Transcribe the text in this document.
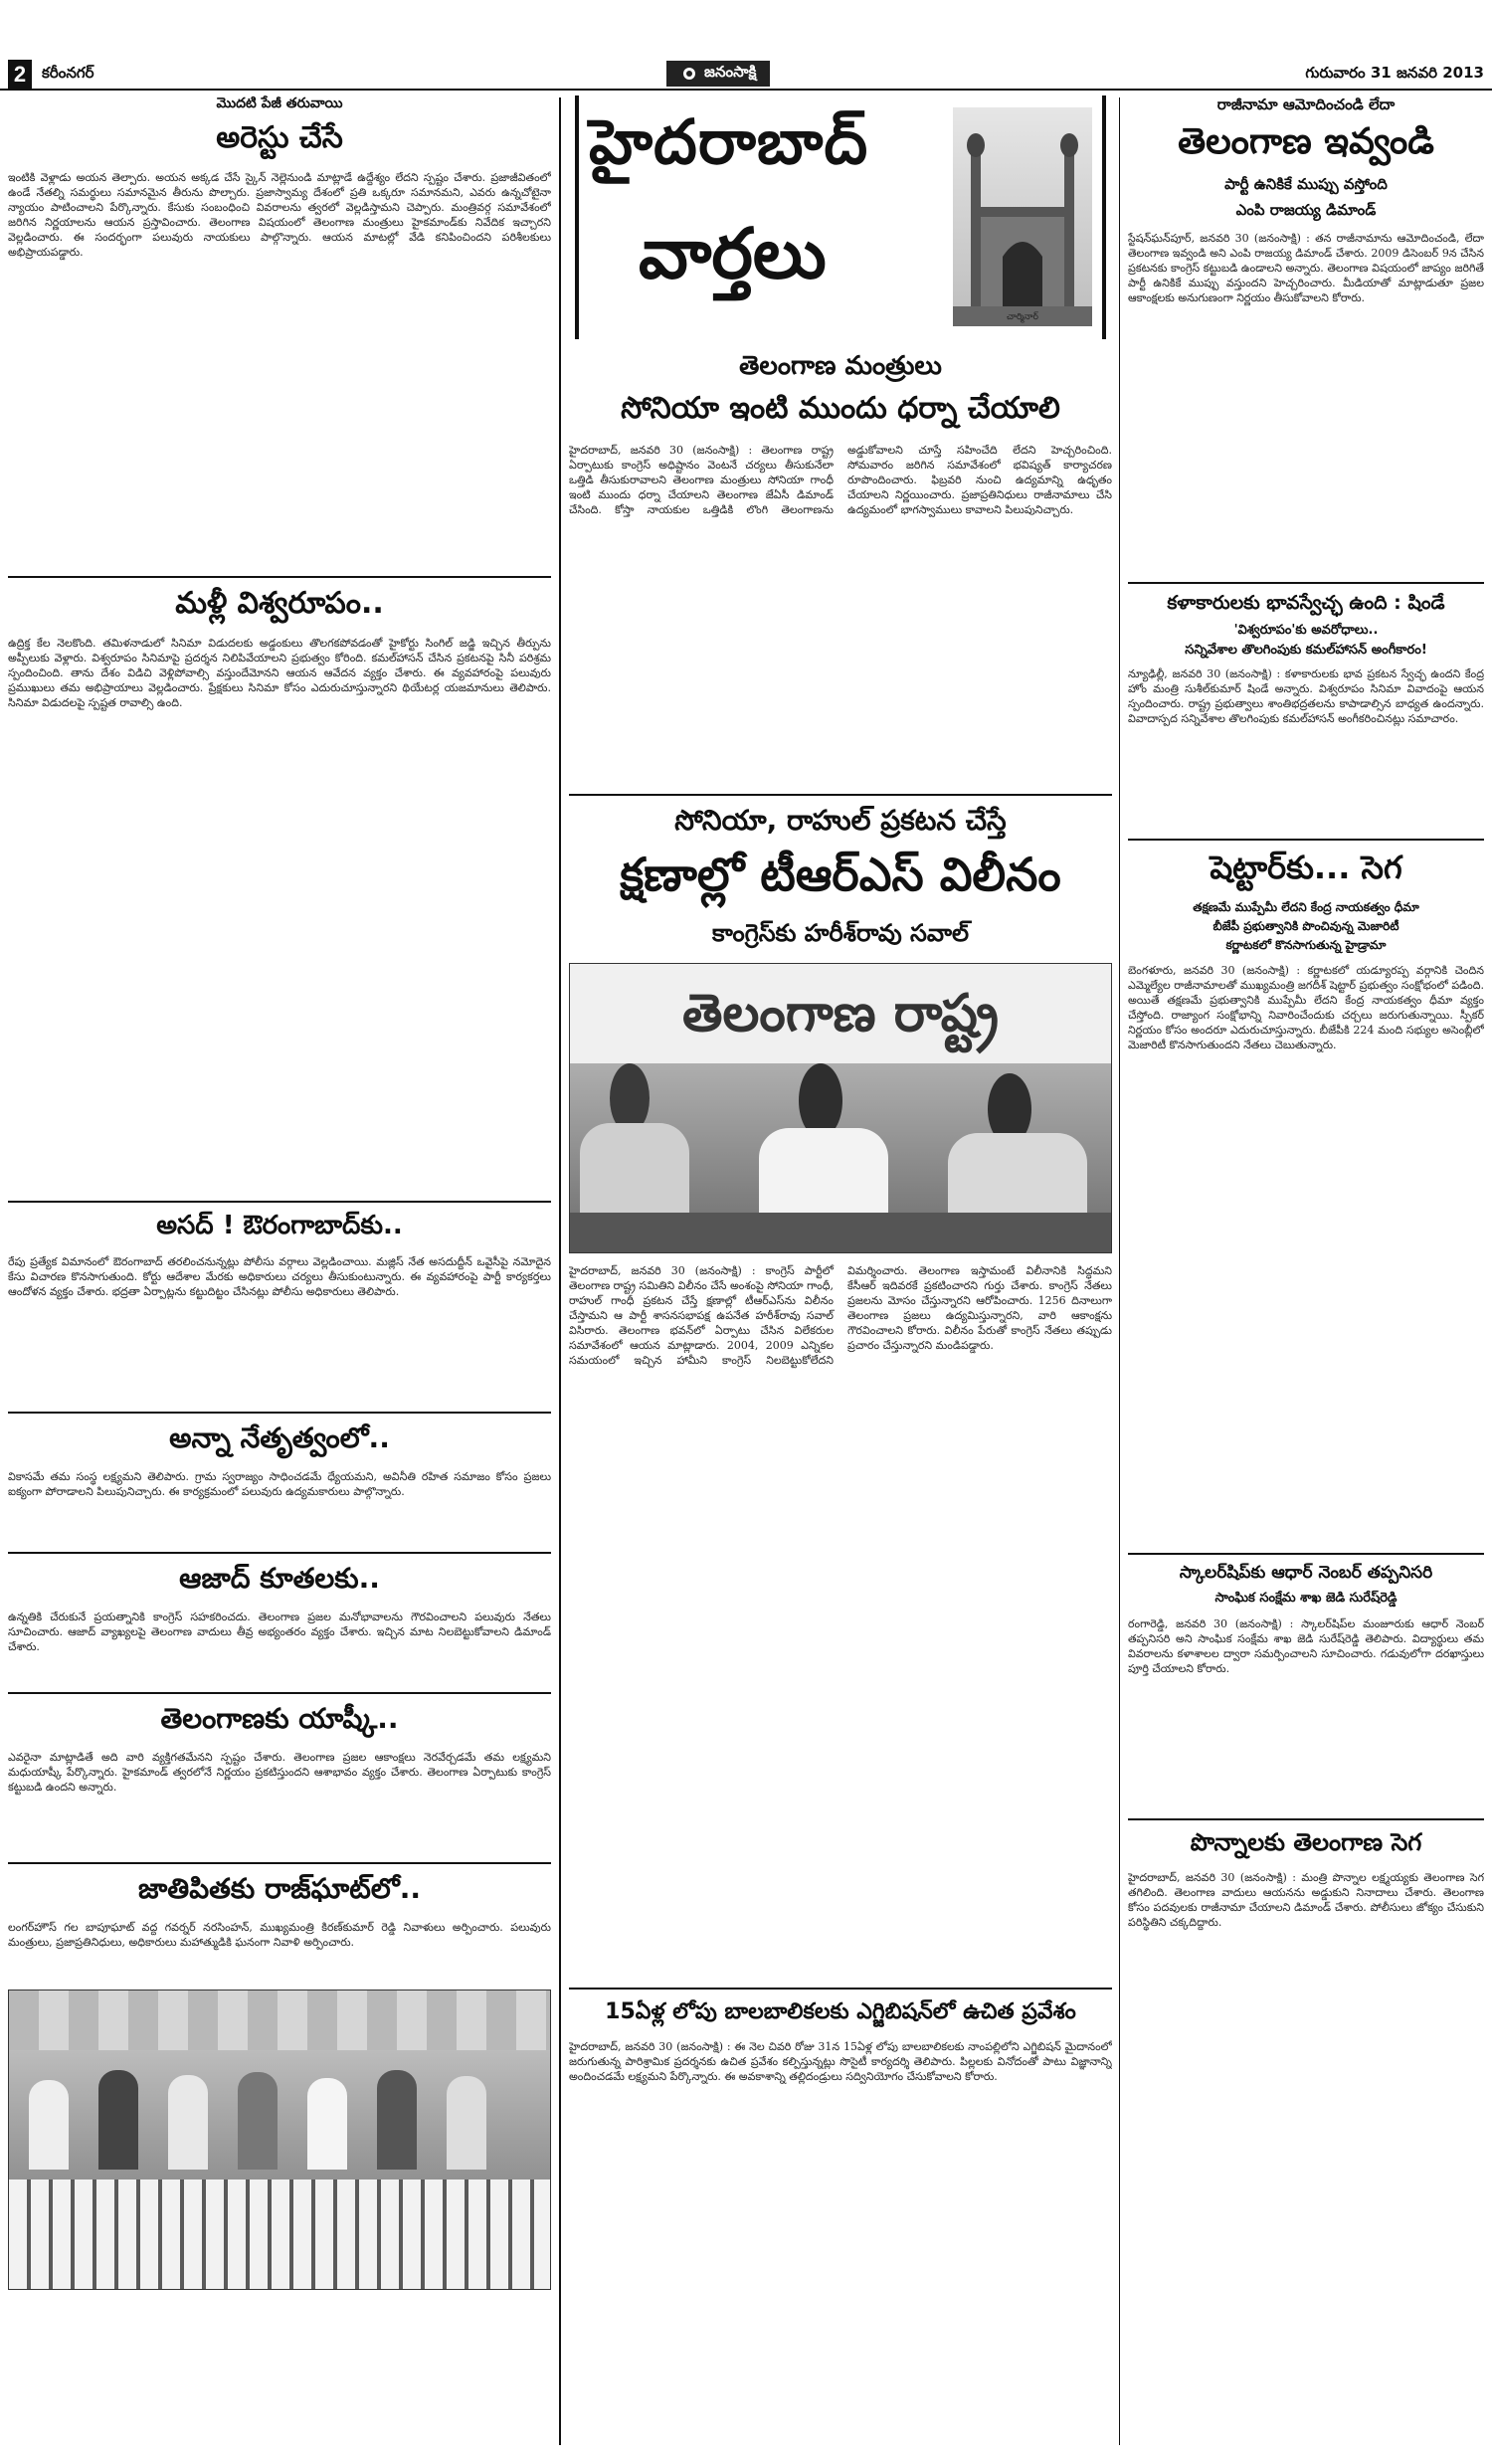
2	కరీంనగర్	జనంసాక్షి	గురువారం 31 జనవరి 2013
మొదటి పేజీ తరువాయి
అరెస్టు చేసే

ఇంటికి వెళ్లాడు అయన తెల్పారు. అయన అక్కడ చేసే స్కైన్ నెల్లెనుండి మాట్లాడే ఉద్దేశ్యం లేదని స్పష్టం చేశారు. ప్రజాజీవితంలో ఉండే నేతల్ని సమర్థులు సమానమైన తీరును పొల్చారు. ప్రజాస్వామ్య దేశంలో ప్రతి ఒక్కరూ సమానమని, ఎవరు ఉన్నచోటైనా న్యాయం పాటించాలని పేర్కొన్నారు. కేసుకు సంబంధించి వివరాలను త్వరలో వెల్లడిస్తామని చెప్పారు. మంత్రివర్గ సమావేశంలో జరిగిన నిర్ణయాలను ఆయన ప్రస్తావించారు. తెలంగాణ విషయంలో తెలంగాణ మంత్రులు హైకమాండ్‌కు నివేదిక ఇచ్చారని వెల్లడించారు. ఈ సందర్భంగా పలువురు నాయకులు పాల్గొన్నారు. ఆయన మాటల్లో వేడి కనిపించిందని పరిశీలకులు అభిప్రాయపడ్డారు.

మళ్లీ విశ్వరూపం..

ఉద్రిక్త కేల నెలకొంది. తమిళనాడులో సినిమా విడుదలకు అడ్డంకులు తొలగకపోవడంతో హైకోర్టు సింగిల్ జడ్జి ఇచ్చిన తీర్పును అప్పీలుకు వెళ్లారు. విశ్వరూపం సినిమాపై ప్రదర్శన నిలిపివేయాలని ప్రభుత్వం కోరింది. కమల్‌హాసన్ చేసిన ప్రకటనపై సినీ పరిశ్రమ స్పందించింది. తాను దేశం విడిచి వెళ్లిపోవాల్సి వస్తుందేమోనని ఆయన ఆవేదన వ్యక్తం చేశారు. ఈ వ్యవహారంపై పలువురు ప్రముఖులు తమ అభిప్రాయాలు వెల్లడించారు. ప్రేక్షకులు సినిమా కోసం ఎదురుచూస్తున్నారని థియేటర్ల యజమానులు తెలిపారు. సినిమా విడుదలపై స్పష్టత రావాల్సి ఉంది.

అసద్ ! ఔరంగాబాద్‌కు..

రేపు ప్రత్యేక విమానంలో ఔరంగాబాద్ తరలించనున్నట్లు పోలీసు వర్గాలు వెల్లడించాయి. మజ్లిస్ నేత అసదుద్దీన్ ఒవైసీపై నమోదైన కేసు విచారణ కొనసాగుతుంది. కోర్టు ఆదేశాల మేరకు అధికారులు చర్యలు తీసుకుంటున్నారు. ఈ వ్యవహారంపై పార్టీ కార్యకర్తలు ఆందోళన వ్యక్తం చేశారు. భద్రతా ఏర్పాట్లను కట్టుదిట్టం చేసినట్లు పోలీసు అధికారులు తెలిపారు.

అన్నా నేతృత్వంలో..

వికాసమే తమ సంస్థ లక్ష్యమని తెలిపారు. గ్రామ స్వరాజ్యం సాధించడమే ధ్యేయమని, అవినీతి రహిత సమాజం కోసం ప్రజలు ఐక్యంగా పోరాడాలని పిలుపునిచ్చారు. ఈ కార్యక్రమంలో పలువురు ఉద్యమకారులు పాల్గొన్నారు.

ఆజాద్ కూతలకు..

ఉన్నతికి చేరుకునే ప్రయత్నానికి కాంగ్రెస్ సహకరించదు. తెలంగాణ ప్రజల మనోభావాలను గౌరవించాలని పలువురు నేతలు సూచించారు. ఆజాద్ వ్యాఖ్యలపై తెలంగాణ వాదులు తీవ్ర అభ్యంతరం వ్యక్తం చేశారు. ఇచ్చిన మాట నిలబెట్టుకోవాలని డిమాండ్ చేశారు.

తెలంగాణకు యాష్కీ..

ఎవరైనా మాట్లాడితే అది వారి వ్యక్తిగతమేనని స్పష్టం చేశారు. తెలంగాణ ప్రజల ఆకాంక్షలు నెరవేర్చడమే తమ లక్ష్యమని మధుయాష్కీ పేర్కొన్నారు. హైకమాండ్ త్వరలోనే నిర్ణయం ప్రకటిస్తుందని ఆశాభావం వ్యక్తం చేశారు. తెలంగాణ ఏర్పాటుకు కాంగ్రెస్ కట్టుబడి ఉందని అన్నారు.

జాతిపితకు రాజ్‌ఘాట్‌లో..

లంగర్‌హౌస్ గల బాపూఘాట్ వద్ద గవర్నర్ నరసింహన్, ముఖ్యమంత్రి కిరణ్‌కుమార్ రెడ్డి నివాళులు అర్పించారు. పలువురు మంత్రులు, ప్రజాప్రతినిధులు, అధికారులు మహాత్ముడికి ఘనంగా నివాళి అర్పించారు.

హైదరాబాద్
వార్తలు
చార్మినార్
తెలంగాణ మంత్రులు
సోనియా ఇంటి ముందు ధర్నా చేయాలి

హైదరాబాద్, జనవరి 30 (జనంసాక్షి) : తెలంగాణ రాష్ట్ర ఏర్పాటుకు కాంగ్రెస్ అధిష్టానం వెంటనే చర్యలు తీసుకునేలా ఒత్తిడి తీసుకురావాలని తెలంగాణ మంత్రులు సోనియా గాంధీ ఇంటి ముందు ధర్నా చేయాలని తెలంగాణ జేఏసీ డిమాండ్ చేసింది. కోస్తా నాయకుల ఒత్తిడికి లొంగి తెలంగాణను అడ్డుకోవాలని చూస్తే సహించేది లేదని హెచ్చరించింది. సోమవారం జరిగిన సమావేశంలో భవిష్యత్ కార్యాచరణ రూపొందించారు. ఫిబ్రవరి నుంచి ఉద్యమాన్ని ఉధృతం చేయాలని నిర్ణయించారు. ప్రజాప్రతినిధులు రాజీనామాలు చేసి ఉద్యమంలో భాగస్వాములు కావాలని పిలుపునిచ్చారు.

సోనియా, రాహుల్ ప్రకటన చేస్తే
క్షణాల్లో టీఆర్ఎస్ విలీనం
కాంగ్రెస్‌కు హరీశ్‌రావు సవాల్
తెలంగాణ రాష్ట్ర

హైదరాబాద్, జనవరి 30 (జనంసాక్షి) : కాంగ్రెస్ పార్టీలో తెలంగాణ రాష్ట్ర సమితిని విలీనం చేసే అంశంపై సోనియా గాంధీ, రాహుల్ గాంధీ ప్రకటన చేస్తే క్షణాల్లో టీఆర్ఎస్‌ను విలీనం చేస్తామని ఆ పార్టీ శాసనసభాపక్ష ఉపనేత హరీశ్‌రావు సవాల్ విసిరారు. తెలంగాణ భవన్‌లో ఏర్పాటు చేసిన విలేకరుల సమావేశంలో ఆయన మాట్లాడారు. 2004, 2009 ఎన్నికల సమయంలో ఇచ్చిన హామీని కాంగ్రెస్ నిలబెట్టుకోలేదని విమర్శించారు. తెలంగాణ ఇస్తామంటే విలీనానికి సిద్ధమని కేసీఆర్ ఇదివరకే ప్రకటించారని గుర్తు చేశారు. కాంగ్రెస్ నేతలు ప్రజలను మోసం చేస్తున్నారని ఆరోపించారు. 1256 దినాలుగా తెలంగాణ ప్రజలు ఉద్యమిస్తున్నారని, వారి ఆకాంక్షను గౌరవించాలని కోరారు. విలీనం పేరుతో కాంగ్రెస్ నేతలు తప్పుడు ప్రచారం చేస్తున్నారని మండిపడ్డారు.

15ఏళ్ల లోపు బాలబాలికలకు ఎగ్జిబిషన్‌లో ఉచిత ప్రవేశం

హైదరాబాద్, జనవరి 30 (జనంసాక్షి) : ఈ నెల చివరి రోజు 31న 15ఏళ్ల లోపు బాలబాలికలకు నాంపల్లిలోని ఎగ్జిబిషన్ మైదానంలో జరుగుతున్న పారిశ్రామిక ప్రదర్శనకు ఉచిత ప్రవేశం కల్పిస్తున్నట్లు సొసైటీ కార్యదర్శి తెలిపారు. పిల్లలకు వినోదంతో పాటు విజ్ఞానాన్ని అందించడమే లక్ష్యమని పేర్కొన్నారు. ఈ అవకాశాన్ని తల్లిదండ్రులు సద్వినియోగం చేసుకోవాలని కోరారు.

రాజీనామా ఆమోదించండి లేదా
తెలంగాణ ఇవ్వండి
పార్టీ ఉనికికే ముప్పు వస్తోంది
ఎంపి రాజయ్య డిమాండ్

స్టేషన్‌ఘన్‌పూర్, జనవరి 30 (జనంసాక్షి) : తన రాజీనామాను ఆమోదించండి, లేదా తెలంగాణ ఇవ్వండి అని ఎంపి రాజయ్య డిమాండ్ చేశారు. 2009 డిసెంబర్ 9న చేసిన ప్రకటనకు కాంగ్రెస్ కట్టుబడి ఉండాలని అన్నారు. తెలంగాణ విషయంలో జాప్యం జరిగితే పార్టీ ఉనికికే ముప్పు వస్తుందని హెచ్చరించారు. మీడియాతో మాట్లాడుతూ ప్రజల ఆకాంక్షలకు అనుగుణంగా నిర్ణయం తీసుకోవాలని కోరారు.

కళాకారులకు భావస్వేచ్ఛ ఉంది : షిండే
'విశ్వరూపం'కు అవరోధాలు..
సన్నివేశాల తొలగింపుకు కమల్‌హాసన్ అంగీకారం!

న్యూఢిల్లీ, జనవరి 30 (జనంసాక్షి) : కళాకారులకు భావ ప్రకటన స్వేచ్ఛ ఉందని కేంద్ర హోం మంత్రి సుశీల్‌కుమార్ షిండే అన్నారు. విశ్వరూపం సినిమా వివాదంపై ఆయన స్పందించారు. రాష్ట్ర ప్రభుత్వాలు శాంతిభద్రతలను కాపాడాల్సిన బాధ్యత ఉందన్నారు. వివాదాస్పద సన్నివేశాల తొలగింపుకు కమల్‌హాసన్ అంగీకరించినట్లు సమాచారం.

షెట్టార్‌కు... సెగ
తక్షణమే ముప్పేమీ లేదని కేంద్ర నాయకత్వం ధీమా
బీజేపీ ప్రభుత్వానికి పొంచివున్న మెజారిటీ
కర్ణాటకలో కొనసాగుతున్న హైడ్రామా

బెంగళూరు, జనవరి 30 (జనంసాక్షి) : కర్ణాటకలో యడ్యూరప్ప వర్గానికి చెందిన ఎమ్మెల్యేల రాజీనామాలతో ముఖ్యమంత్రి జగదీశ్ షెట్టార్ ప్రభుత్వం సంక్షోభంలో పడింది. అయితే తక్షణమే ప్రభుత్వానికి ముప్పేమీ లేదని కేంద్ర నాయకత్వం ధీమా వ్యక్తం చేస్తోంది. రాజ్యాంగ సంక్షోభాన్ని నివారించేందుకు చర్చలు జరుగుతున్నాయి. స్పీకర్ నిర్ణయం కోసం అందరూ ఎదురుచూస్తున్నారు. బీజేపీకి 224 మంది సభ్యుల అసెంబ్లీలో మెజారిటీ కొనసాగుతుందని నేతలు చెబుతున్నారు.

స్కాలర్‌షిప్‌కు ఆధార్ నెంబర్ తప్పనిసరి
సాంఘిక సంక్షేమ శాఖ జెడి సురేష్‌రెడ్డి

రంగారెడ్డి, జనవరి 30 (జనంసాక్షి) : స్కాలర్‌షిప్‌ల మంజూరుకు ఆధార్ నెంబర్ తప్పనిసరి అని సాంఘిక సంక్షేమ శాఖ జెడి సురేష్‌రెడ్డి తెలిపారు. విద్యార్థులు తమ వివరాలను కళాశాలల ద్వారా సమర్పించాలని సూచించారు. గడువులోగా దరఖాస్తులు పూర్తి చేయాలని కోరారు.

పొన్నాలకు తెలంగాణ సెగ

హైదరాబాద్, జనవరి 30 (జనంసాక్షి) : మంత్రి పొన్నాల లక్ష్మయ్యకు తెలంగాణ సెగ తగిలింది. తెలంగాణ వాదులు ఆయనను అడ్డుకుని నినాదాలు చేశారు. తెలంగాణ కోసం పదవులకు రాజీనామా చేయాలని డిమాండ్ చేశారు. పోలీసులు జోక్యం చేసుకుని పరిస్థితిని చక్కదిద్దారు.
